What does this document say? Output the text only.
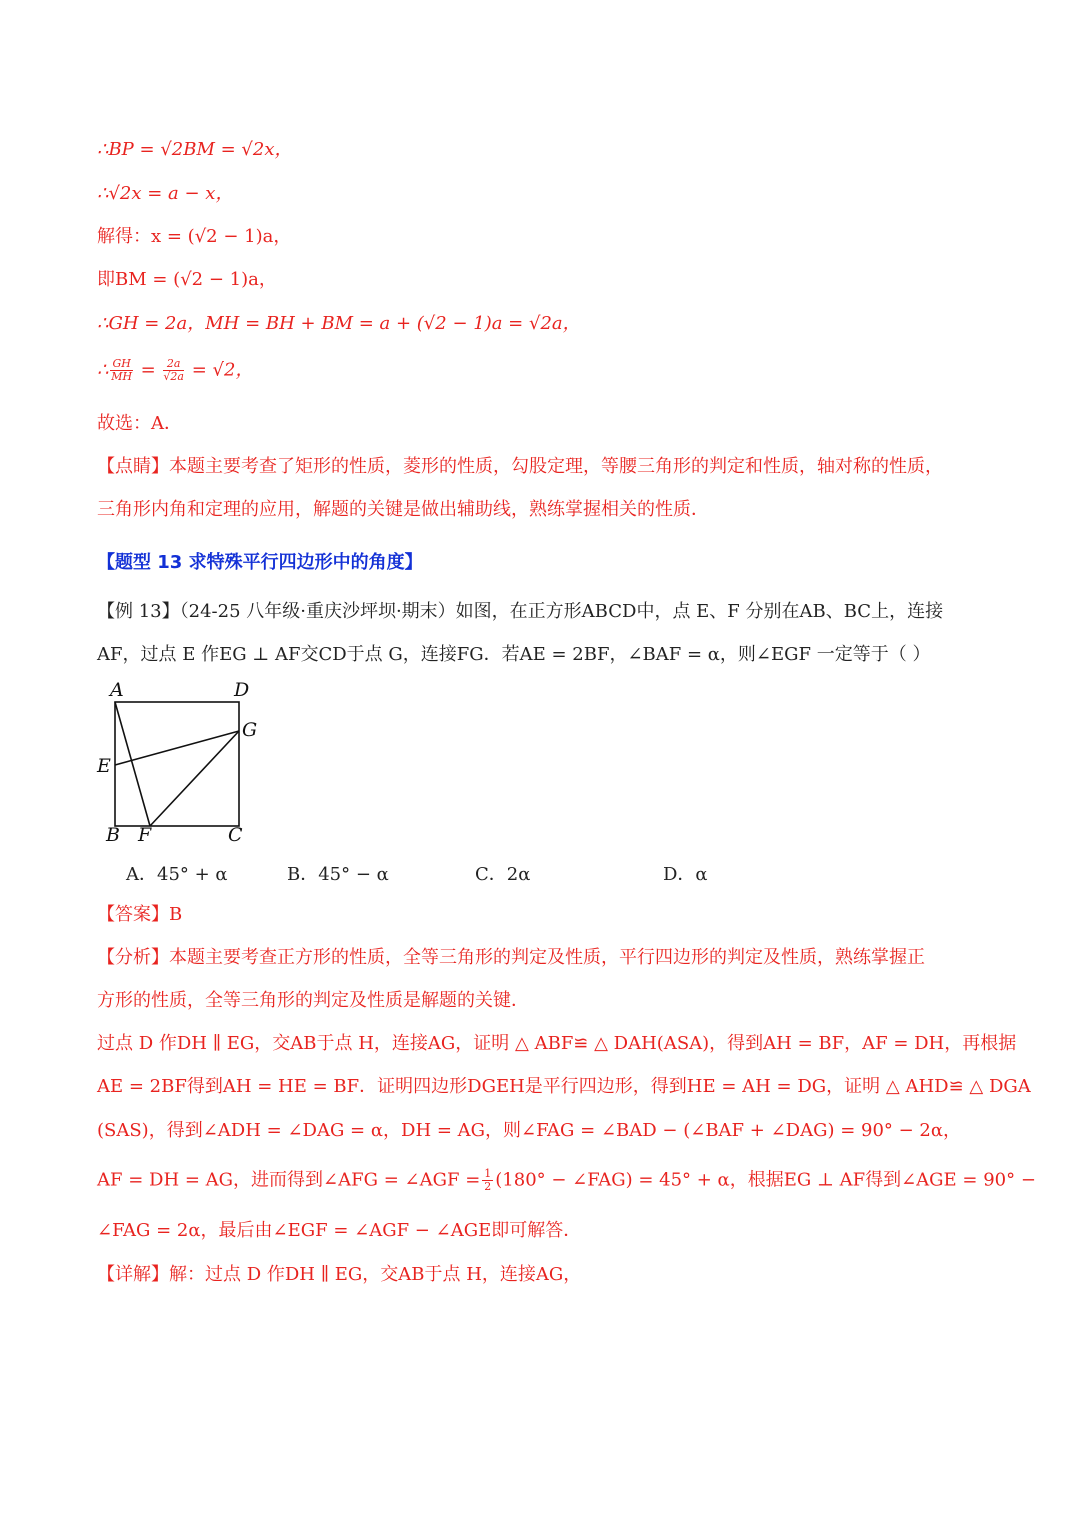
∴BP = √2BM = √2x，
∴√2x = a − x，
解得：x = (√2 − 1)a，
即BM = (√2 − 1)a，
∴GH = 2a，MH = BH + BM = a + (√2 − 1)a = √2a，
∴ $\frac{GH}{MH} = \frac{2a}{√2a} = √2$，
故选：A．
【点睛】本题主要考查了矩形的性质，菱形的性质，勾股定理，等腰三角形的判定和性质，轴对称的性质，
三角形内角和定理的应用，解题的关键是做出辅助线，熟练掌握相关的性质．
【题型 13 求特殊平行四边形中的角度】
【例 13】（24-25 八年级·重庆沙坪坝·期末）如图，在正方形ABCD中，点 E、F 分别在AB、BC上，连接
AF，过点 E 作EG ⊥ AF交CD于点 G，连接FG．若AE = 2BF，∠BAF = α，则∠EGF 一定等于（ ）
A	D
G
E
B F	C
A．45° + α	B．45° − α	C．2α	D．α
【答案】B
【分析】本题主要考查正方形的性质，全等三角形的判定及性质，平行四边形的判定及性质，熟练掌握正
方形的性质，全等三角形的判定及性质是解题的关键．
过点 D 作DH ∥ EG，交AB于点 H，连接AG，证明 △ ABF≌ △ DAH(ASA)，得到AH = BF，AF = DH，再根据
AE = 2BF得到AH = HE = BF．证明四边形DGEH是平行四边形，得到HE = AH = DG，证明 △ AHD≌ △ DGA
(SAS)，得到∠ADH = ∠DAG = α，DH = AG，则∠FAG = ∠BAD − (∠BAF + ∠DAG) = 90° − 2α，
AF = DH = AG，进而得到∠AFG = ∠AGF = $\frac{1}{2} (180^\circ$ − ∠FAG) = 45° + α，根据EG ⊥ AF得到∠AGE = 90° −
∠FAG = 2α，最后由∠EGF = ∠AGF − ∠AGE即可解答．
【详解】解：过点 D 作DH ∥ EG，交AB于点 H，连接AG，
